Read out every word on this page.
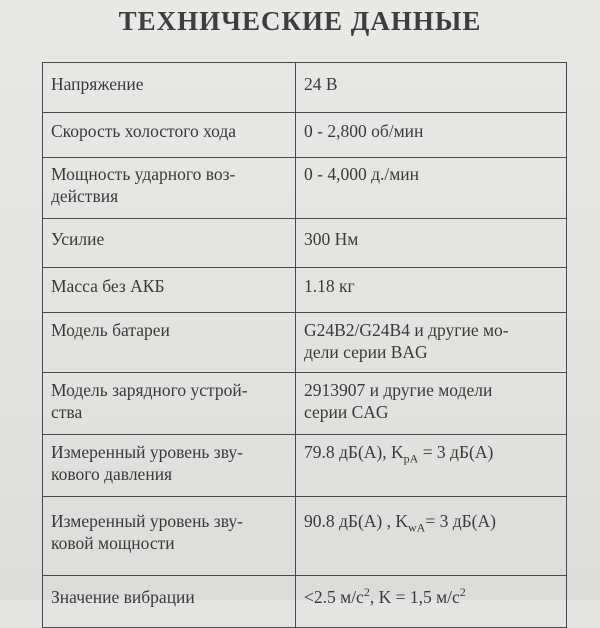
ТЕХНИЧЕСКИЕ ДАННЫЕ
Напряжение	24 В
Скорость холостого хода	0 - 2,800 об/мин
Мощность ударного воз-
действия	0 - 4,000 д./мин
Усилие	300 Нм
Масса без АКБ	1.18 кг
Модель батареи	G24B2/G24B4 и другие мо-
дели серии BAG
Модель зарядного устрой-
ства	2913907 и другие модели
серии CAG
Измеренный уровень зву-
кового давления	79.8 дБ(А), $K_{pA} = 3$ дБ(А)
Измеренный уровень зву-
ковой мощности	90.8 дБ(А) , $K_{wA}= 3$ дБ(А)
Значение вибрации	<2.5 $м/с^2$, K = 1,5 $м/с^2$
